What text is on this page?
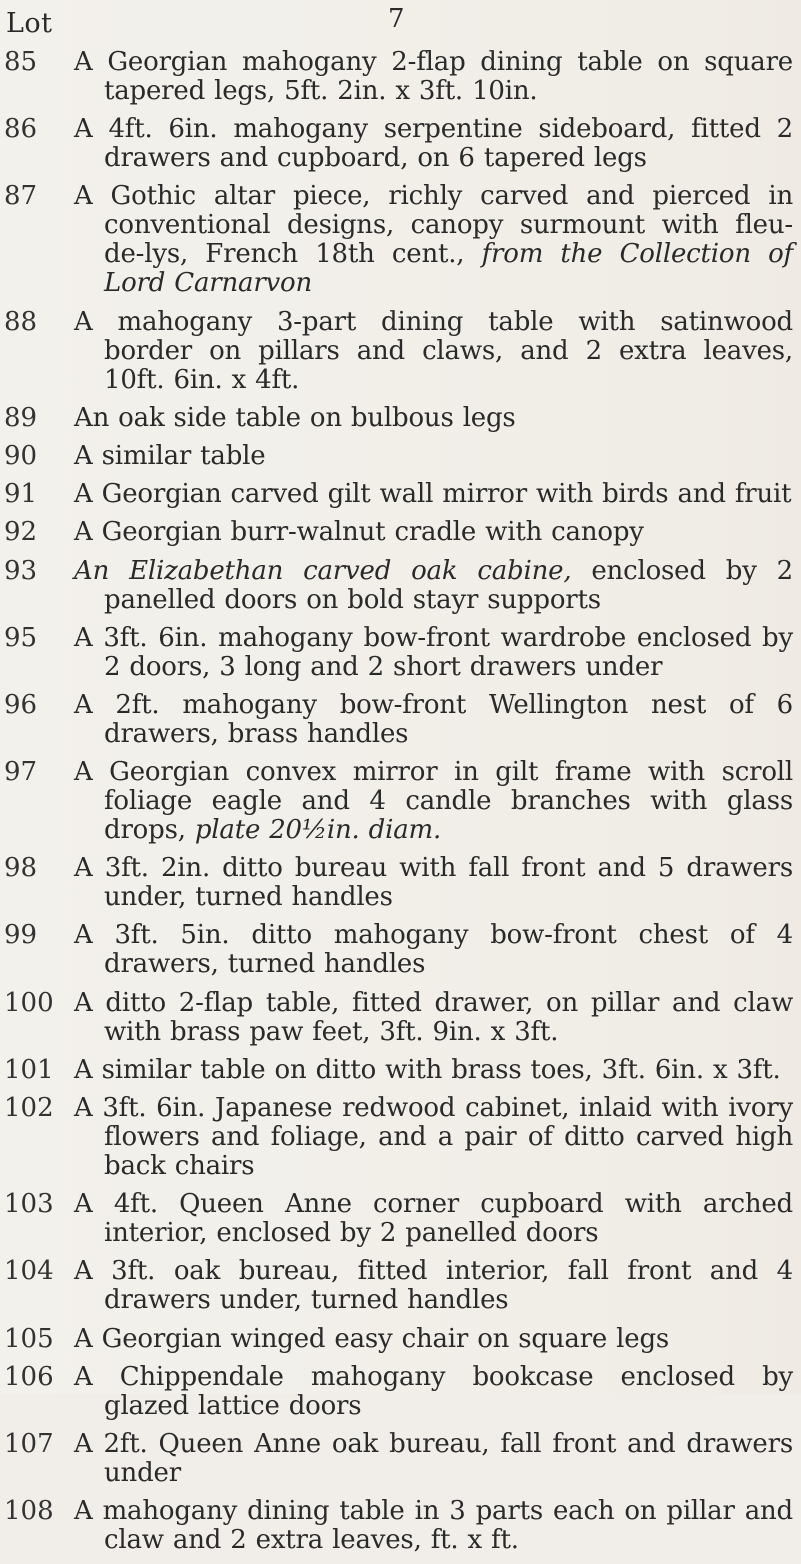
7
Lot
85	A Georgian mahogany 2-flap dining table on square tapered legs, 5ft. 2in. x 3ft. 10in.
86	A 4ft. 6in. mahogany serpentine sideboard, fitted 2 drawers and cupboard, on 6 tapered legs
87	A Gothic altar piece, richly carved and pierced in conventional designs, canopy surmount with fleu-de-lys, French 18th cent., from the Collection of Lord Carnarvon
88	A mahogany 3-part dining table with satinwood border on pillars and claws, and 2 extra leaves, 10ft. 6in. x 4ft.
89	An oak side table on bulbous legs
90	A similar table
91	A Georgian carved gilt wall mirror with birds and fruit
92	A Georgian burr-walnut cradle with canopy
93	An Elizabethan carved oak cabine, enclosed by 2 panelled doors on bold stayr supports
95	A 3ft. 6in. mahogany bow-front wardrobe enclosed by 2 doors, 3 long and 2 short drawers under
96	A 2ft. mahogany bow-front Wellington nest of 6 drawers, brass handles
97	A Georgian convex mirror in gilt frame with scroll foliage eagle and 4 candle branches with glass drops, plate 20½in. diam.
98	A 3ft. 2in. ditto bureau with fall front and 5 drawers under, turned handles
99	A 3ft. 5in. ditto mahogany bow-front chest of 4 drawers, turned handles
100 A ditto 2-flap table, fitted drawer, on pillar and claw with brass paw feet, 3ft. 9in. x 3ft.
101 A similar table on ditto with brass toes, 3ft. 6in. x 3ft.
102 A 3ft. 6in. Japanese redwood cabinet, inlaid with ivory flowers and foliage, and a pair of ditto carved high back chairs
103 A 4ft. Queen Anne corner cupboard with arched interior, enclosed by 2 panelled doors
104 A 3ft. oak bureau, fitted interior, fall front and 4 drawers under, turned handles
105 A Georgian winged easy chair on square legs
106 A Chippendale mahogany bookcase enclosed by glazed lattice doors
107 A 2ft. Queen Anne oak bureau, fall front and drawers under
108 A mahogany dining table in 3 parts each on pillar and claw and 2 extra leaves, ft. x ft.
